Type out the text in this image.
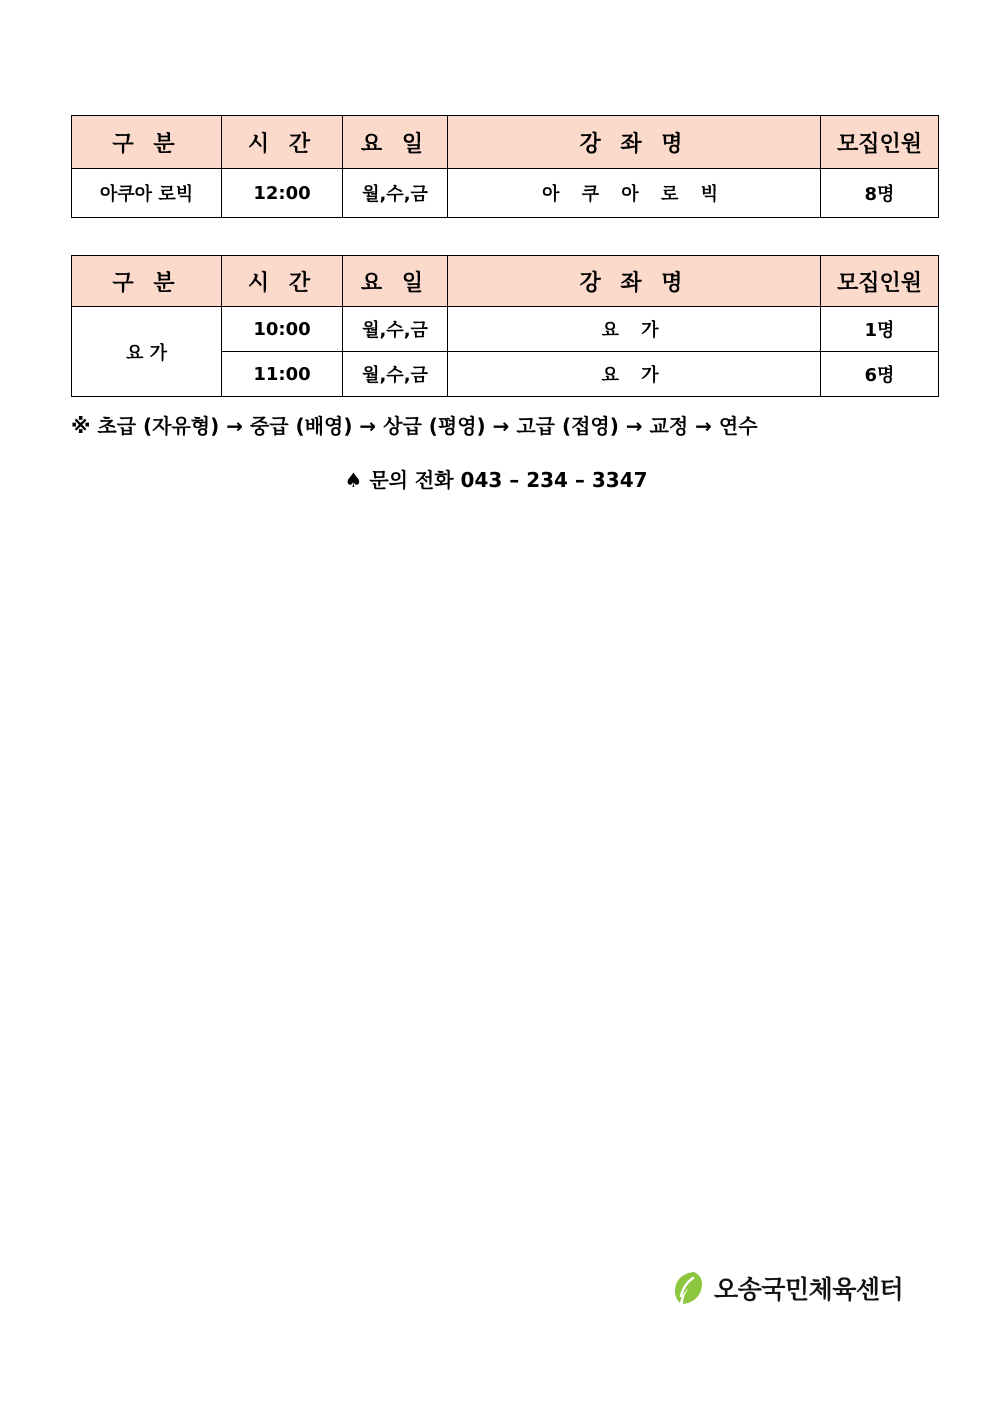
구 분	시 간	요 일	강 좌 명	모집인원
아쿠아 로빅	12:00	월,수,금	아 쿠 아 로 빅	8명
구 분	시 간	요 일	강 좌 명	모집인원
요 가	10:00	월,수,금	요 가	1명
	11:00	월,수,금	요 가	6명
※ 초급 (자유형) → 중급 (배영) → 상급 (평영) → 고급 (접영) → 교정 → 연수
♠ 문의 전화 043 – 234 – 3347
오송국민체육센터
